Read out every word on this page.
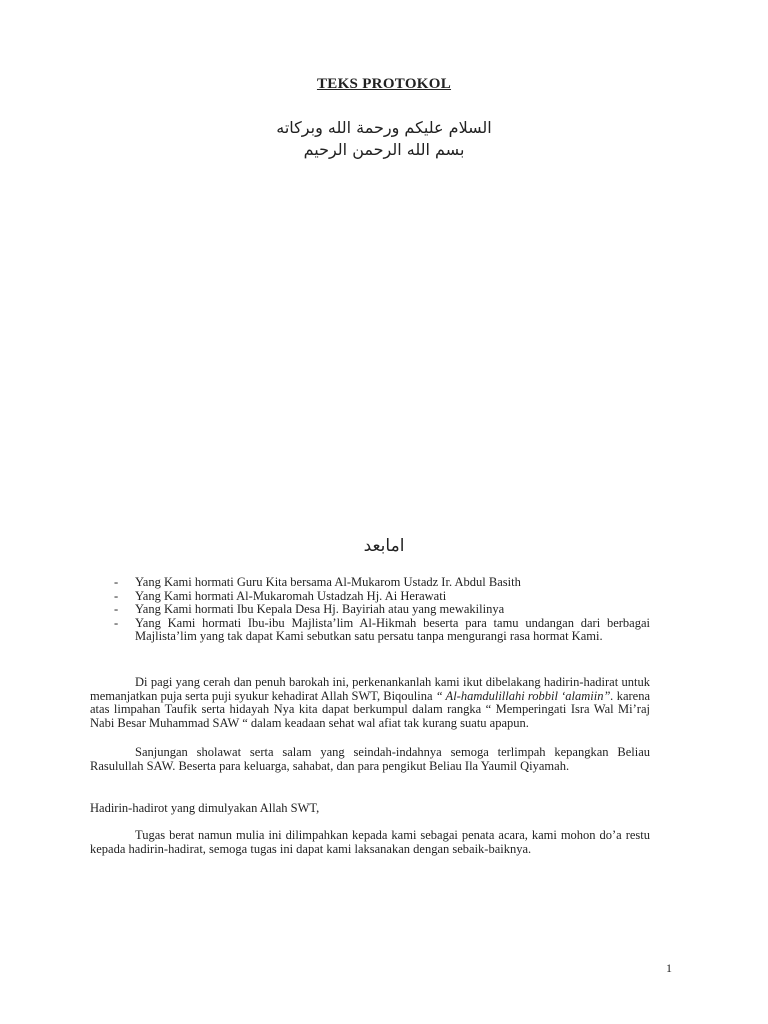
TEKS PROTOKOL
السلام عليكم ورحمة الله وبركاته
بسم الله الرحمن الرحيم
امابعد
- Yang Kami hormati Guru Kita bersama Al-Mukarom Ustadz Ir. Abdul Basith
- Yang Kami hormati Al-Mukaromah Ustadzah Hj. Ai Herawati
- Yang Kami hormati Ibu Kepala Desa Hj. Bayiriah atau yang mewakilinya
- Yang Kami hormati Ibu-ibu Majlista’lim Al-Hikmah beserta para tamu undangan dari berbagai Majlista’lim yang tak dapat Kami sebutkan satu persatu tanpa mengurangi rasa hormat Kami.

Di pagi yang cerah dan penuh barokah ini, perkenankanlah kami ikut dibelakang hadirin-hadirat untuk memanjatkan puja serta puji syukur kehadirat Allah SWT, Biqoulina “ Al-hamdulillahi robbil ‘alamiin”. karena atas limpahan Taufik serta hidayah Nya kita dapat berkumpul dalam rangka “ Memperingati Isra Wal Mi’raj Nabi Besar Muhammad SAW “ dalam keadaan sehat wal afiat tak kurang suatu apapun.

Sanjungan sholawat serta salam yang seindah-indahnya semoga terlimpah kepangkan Beliau Rasulullah SAW. Beserta para keluarga, sahabat, dan para pengikut Beliau Ila Yaumil Qiyamah.

Hadirin-hadirot yang dimulyakan Allah SWT,

Tugas berat namun mulia ini dilimpahkan kepada kami sebagai penata acara, kami mohon do’a restu kepada hadirin-hadirat, semoga tugas ini dapat kami laksanakan dengan sebaik-baiknya.

1
